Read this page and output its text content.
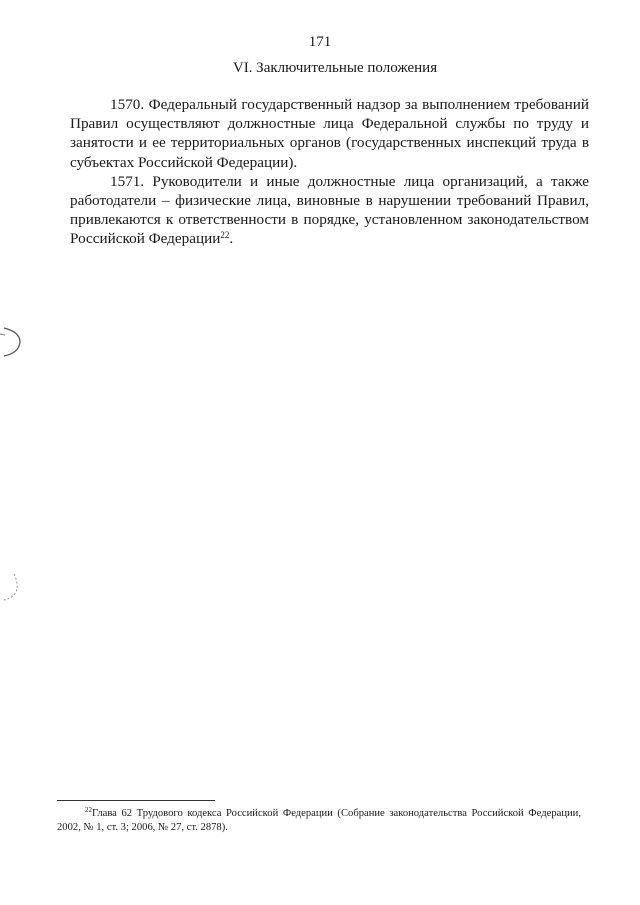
171
VI. Заключительные положения

1570. Федеральный государственный надзор за выполнением требований Правил осуществляют должностные лица Федеральной службы по труду и занятости и ее территориальных органов (государственных инспекций труда в субъектах Российской Федерации).

1571. Руководители и иные должностные лица организаций, а также работодатели – физические лица, виновные в нарушении требований Правил, привлекаются к ответственности в порядке, установленном законодательством Российской Федерации$^{22}$.

$^{22}$Глава 62 Трудового кодекса Российской Федерации (Собрание законодательства Российской Федерации, 2002, № 1, ст. 3; 2006, № 27, ст. 2878).
